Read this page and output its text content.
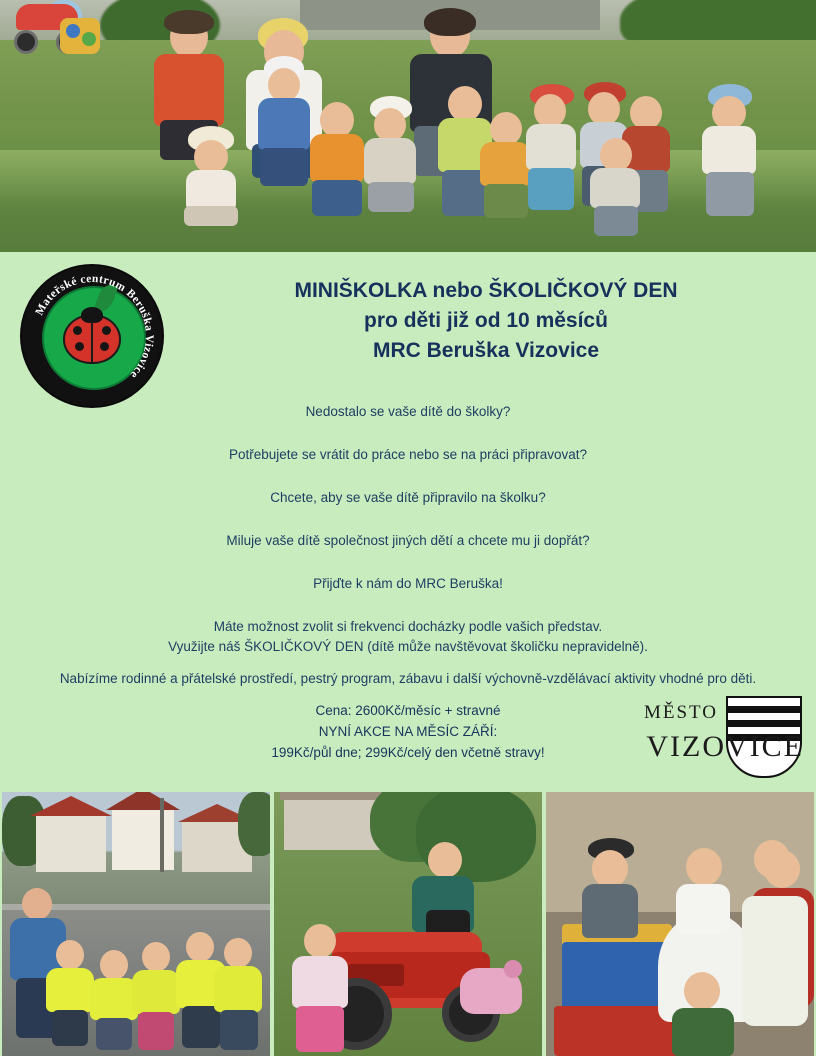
Mateřské centrum Beruška Vizovice
MINIŠKOLKA nebo ŠKOLIČKOVÝ DEN
pro děti již od 10 měsíců
MRC Beruška Vizovice

Nedostalo se vaše dítě do školky?

Potřebujete se vrátit do práce nebo se na práci připravovat?

Chcete, aby se vaše dítě připravilo na školku?

Miluje vaše dítě společnost jiných dětí a chcete mu ji dopřát?

Přijďte k nám do MRC Beruška!

Máte možnost zvolit si frekvenci docházky podle vašich představ.

Využijte náš ŠKOLIČKOVÝ DEN (dítě může navštěvovat školičku nepravidelně).

Nabízíme rodinné a přátelské prostředí, pestrý program, zábavu i další výchovně-vzdělávací aktivity vhodné pro děti.

Cena: 2600Kč/měsíc + stravné

NYNÍ AKCE NA MĚSÍC ZÁŘÍ:

199Kč/půl dne; 299Kč/celý den včetně stravy!

MĚSTO
VIZOVICE
